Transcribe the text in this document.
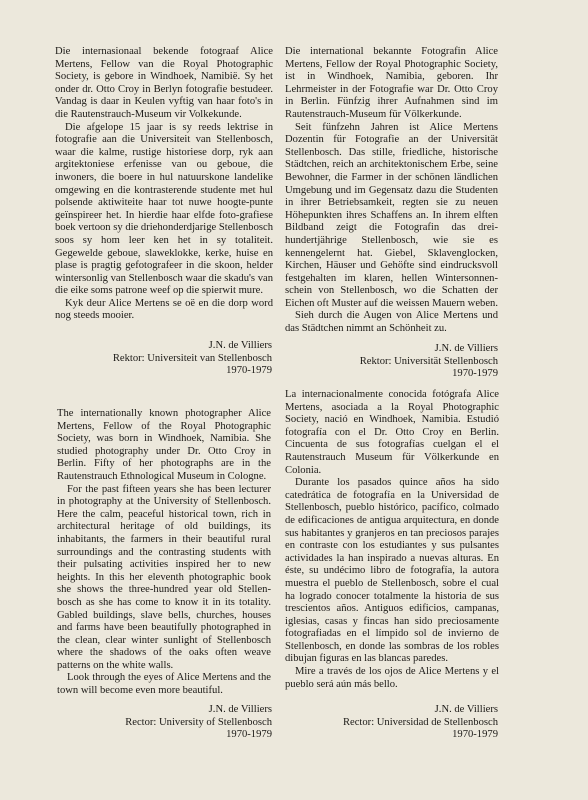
Die internasionaal bekende fotograaf Alice Mertens, Fellow van die Royal Photographic Society, is gebore in Windhoek, Namibië. Sy het onder dr. Otto Croy in Berlyn fotografie bestudeer. Vandag is daar in Keulen vyftig van haar foto's in die Rautenstrauch-Museum vir Volkekunde.

Die afgelope 15 jaar is sy reeds lektrise in fotografie aan die Universiteit van Stellenbosch, waar die kalme, rustige historiese dorp, ryk aan argitektoniese erfenisse van ou geboue, die inwoners, die boere in hul natuurskone landelike omgewing en die kontrasterende studente met hul polsende aktiwiteite haar tot nuwe hoogte-punte geïnspireer het. In hierdie haar elfde foto-grafiese boek vertoon sy die driehonderdjarige Stellenbosch soos sy hom leer ken het in sy totaliteit. Gegewelde geboue, slaweklokke, kerke, huise en plase is pragtig gefotografeer in die skoon, helder wintersonlig van Stellenbosch waar die skadu's van die eike soms patrone weef op die spierwit mure.

Kyk deur Alice Mertens se oë en die dorp word nog steeds mooier.

J.N. de Villiers
Rektor: Universiteit van Stellenbosch
1970-1979

Die international bekannte Fotografin Alice Mertens, Fellow der Royal Photographic Society, ist in Windhoek, Namibia, geboren. Ihr Lehrmeister in der Fotografie war Dr. Otto Croy in Berlin. Fünfzig ihrer Aufnahmen sind im Rautenstrauch-Museum für Völkerkunde.

Seit fünfzehn Jahren ist Alice Mertens Dozentin für Fotografie an der Universität Stellenbosch. Das stille, friedliche, historische Städtchen, reich an architektonischem Erbe, seine Bewohner, die Farmer in der schönen ländlichen Umgebung und im Gegensatz dazu die Studenten in ihrer Betriebsamkeit, regten sie zu neuen Höhepunkten ihres Schaffens an. In ihrem elften Bildband zeigt die Fotografin das drei-hundertjährige Stellenbosch, wie sie es kennengelernt hat. Giebel, Sklavenglocken, Kirchen, Häuser und Gehöfte sind eindrucksvoll festgehalten im klaren, hellen Wintersonnen-schein von Stellenbosch, wo die Schatten der Eichen oft Muster auf die weissen Mauern weben.

Sieh durch die Augen von Alice Mertens und das Städtchen nimmt an Schönheit zu.

J.N. de Villiers
Rektor: Universität Stellenbosch
1970-1979

The internationally known photographer Alice Mertens, Fellow of the Royal Photographic Society, was born in Windhoek, Namibia. She studied photography under Dr. Otto Croy in Berlin. Fifty of her photographs are in the Rautenstrauch Ethnological Museum in Cologne.

For the past fifteen years she has been lecturer in photography at the University of Stellenbosch. Here the calm, peaceful historical town, rich in architectural heritage of old buildings, its inhabitants, the farmers in their beautiful rural surroundings and the contrasting students with their pulsating activities inspired her to new heights. In this her eleventh photographic book she shows the three-hundred year old Stellen-bosch as she has come to know it in its totality. Gabled buildings, slave bells, churches, houses and farms have been beautifully photographed in the clean, clear winter sunlight of Stellenbosch where the shadows of the oaks often weave patterns on the white walls.

Look through the eyes of Alice Mertens and the town will become even more beautiful.

J.N. de Villiers
Rector: University of Stellenbosch
1970-1979

La internacionalmente conocida fotógrafa Alice Mertens, asociada a la Royal Photographic Society, nació en Windhoek, Namibia. Estudió fotografía con el Dr. Otto Croy en Berlin. Cincuenta de sus fotografías cuelgan el el Rautenstrauch Museum für Völkerkunde en Colonia.

Durante los pasados quince años ha sido catedrática de fotografía en la Universidad de Stellenbosch, pueblo histórico, pacífico, colmado de edificaciones de antigua arquitectura, en donde sus habitantes y granjeros en tan preciosos parajes en contraste con los estudiantes y sus pulsantes actividades la han inspirado a nuevas alturas. En éste, su undécimo libro de fotografía, la autora muestra el pueblo de Stellenbosch, sobre el cual ha logrado conocer totalmente la historia de sus trescientos años. Antiguos edificios, campanas, iglesias, casas y fincas han sido preciosamente fotografiadas en el límpido sol de invierno de Stellenbosch, en donde las sombras de los robles dibujan figuras en las blancas paredes.

Mire a través de los ojos de Alice Mertens y el pueblo será aún más bello.

J.N. de Villiers
Rector: Universidad de Stellenbosch
1970-1979
